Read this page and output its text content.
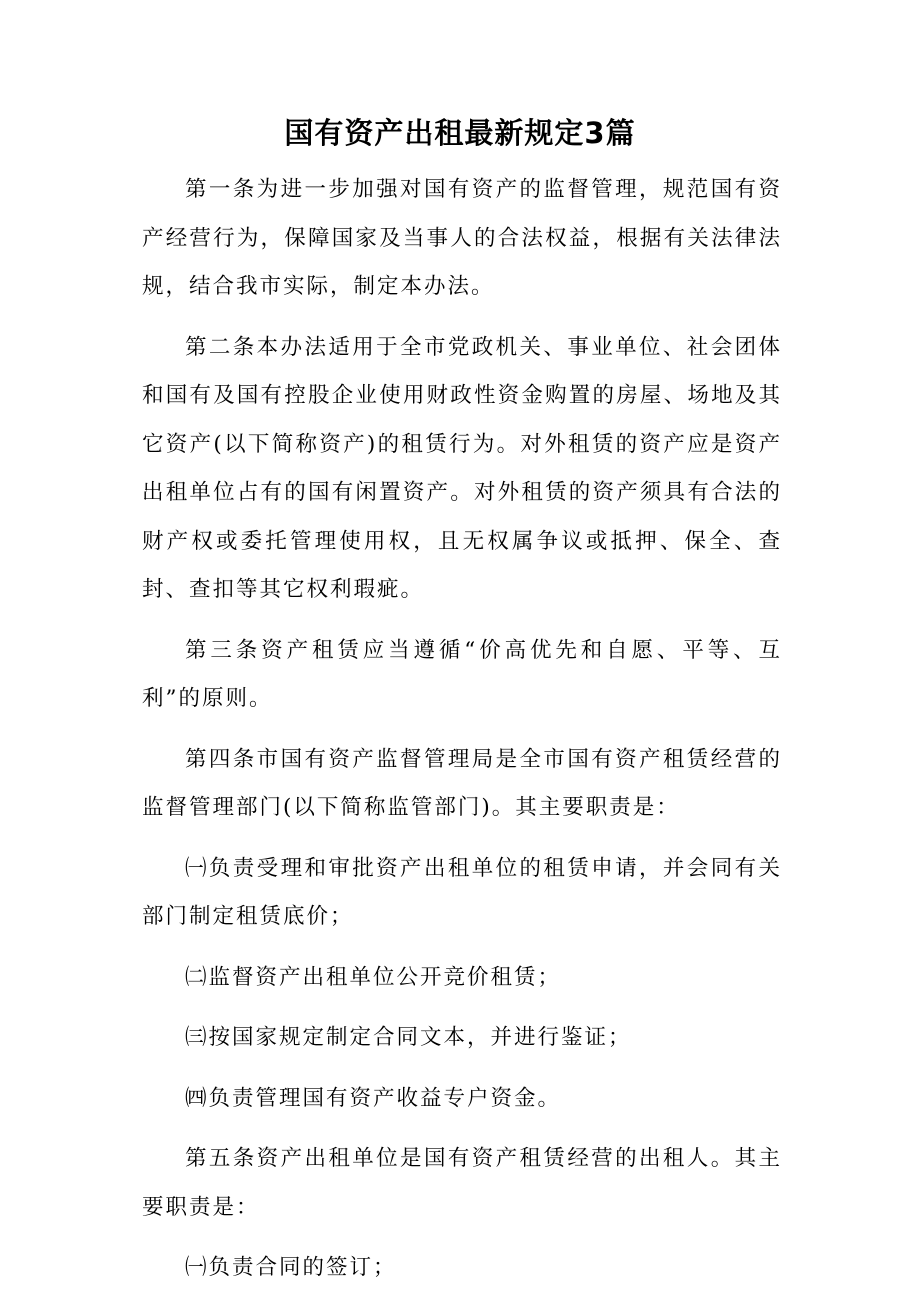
国有资产出租最新规定3篇

第一条为进一步加强对国有资产的监督管理，规范国有资产经营行为，保障国家及当事人的合法权益，根据有关法律法规，结合我市实际，制定本办法。

第二条本办法适用于全市党政机关、事业单位、社会团体和国有及国有控股企业使用财政性资金购置的房屋、场地及其它资产(以下简称资产)的租赁行为。对外租赁的资产应是资产出租单位占有的国有闲置资产。对外租赁的资产须具有合法的财产权或委托管理使用权，且无权属争议或抵押、保全、查封、查扣等其它权利瑕疵。

第三条资产租赁应当遵循“价高优先和自愿、平等、互利”的原则。

第四条市国有资产监督管理局是全市国有资产租赁经营的监督管理部门(以下简称监管部门)。其主要职责是：

㈠负责受理和审批资产出租单位的租赁申请，并会同有关部门制定租赁底价；

㈡监督资产出租单位公开竞价租赁；

㈢按国家规定制定合同文本，并进行鉴证；

㈣负责管理国有资产收益专户资金。

第五条资产出租单位是国有资产租赁经营的出租人。其主要职责是：

㈠负责合同的签订；
